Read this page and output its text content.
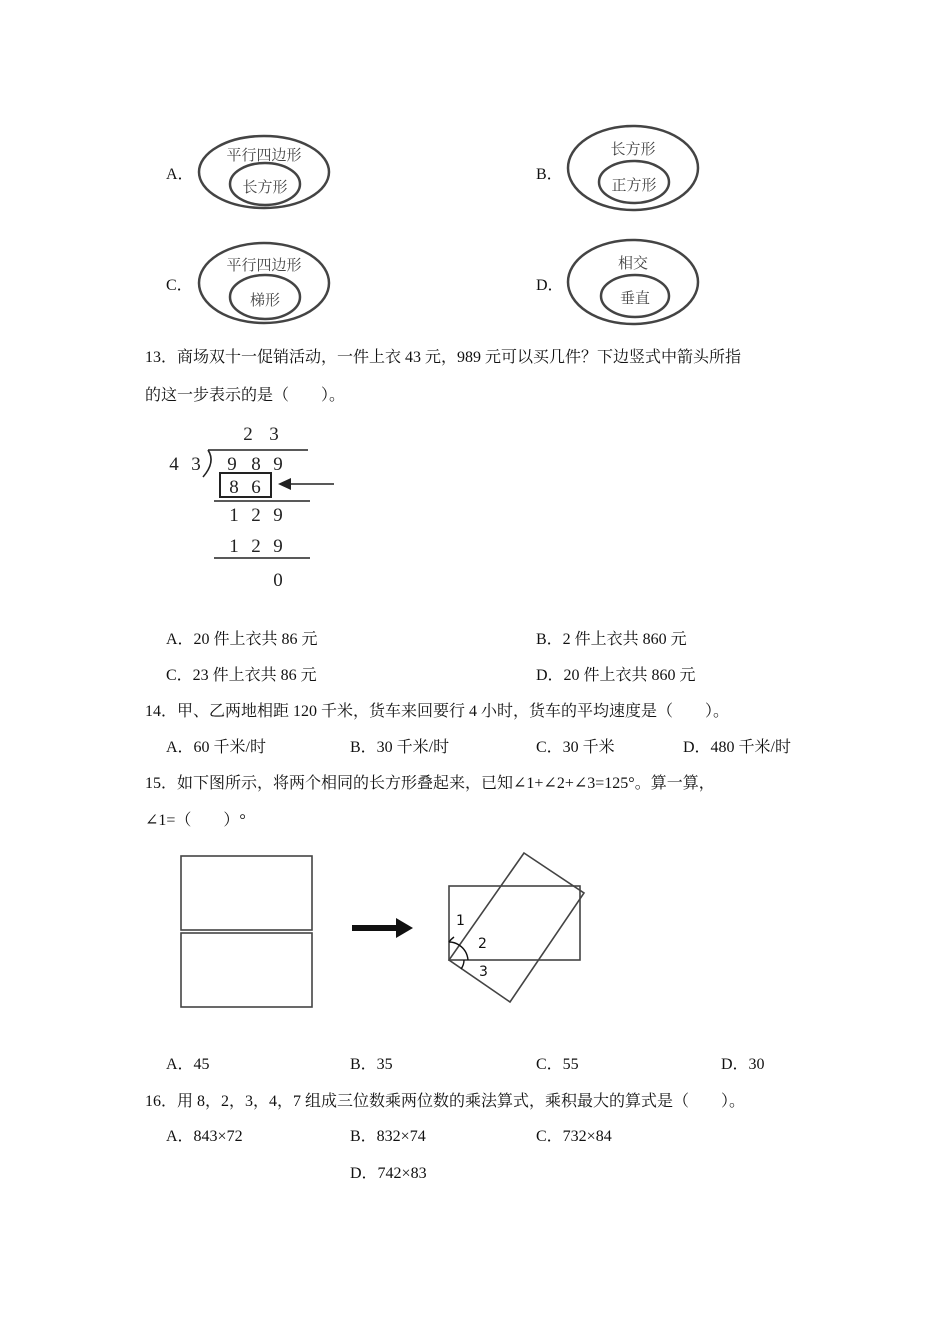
A．
平行四边形
长方形
B．
长方形
正方形
C．
平行四边形
梯形
D．
相交
垂直
13．商场双十一促销活动，一件上衣 43 元，989 元可以买几件？下边竖式中箭头所指
的这一步表示的是（　　）。
2 3
4 3 9 8 9
8 6
1 2 9
1 2 9
0
A．20 件上衣共 86 元	B．2 件上衣共 860 元
C．23 件上衣共 86 元	D．20 件上衣共 860 元
14．甲、乙两地相距 120 千米，货车来回要行 4 小时，货车的平均速度是（　　）。
A．60 千米/时	B．30 千米/时	C．30 千米	D．480 千米/时
15．如下图所示，将两个相同的长方形叠起来，已知∠1+∠2+∠3=125°。算一算，
∠1=（　　）°
1
2
3
A．45	B．35	C．55	D．30
16．用 8，2，3，4，7 组成三位数乘两位数的乘法算式，乘积最大的算式是（　　）。
A．843×72	B．832×74	C．732×84
D．742×83
